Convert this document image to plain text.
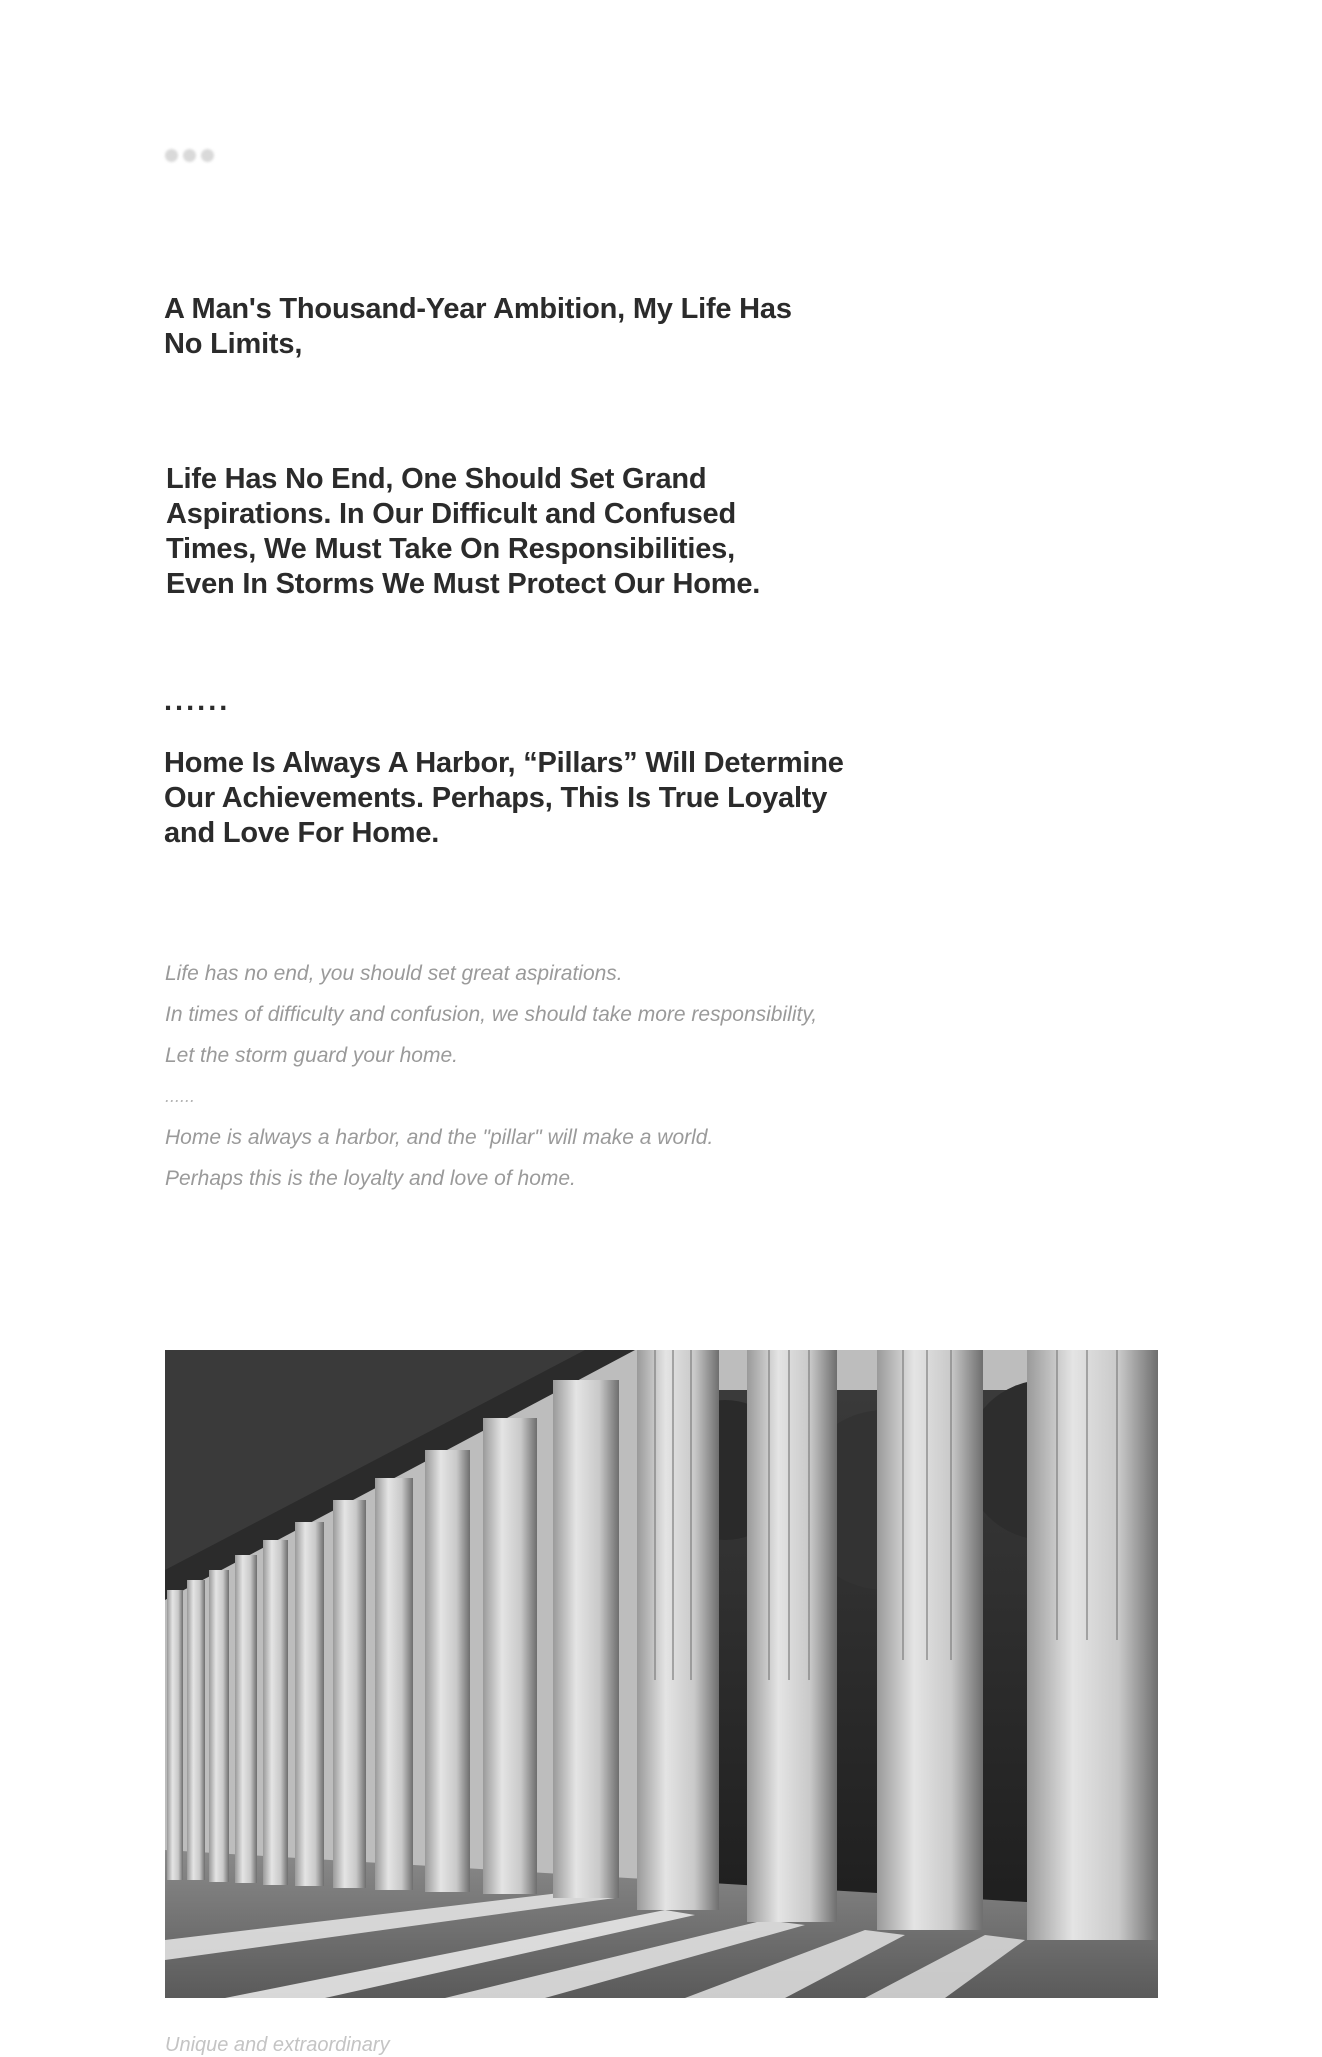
A Man's Thousand-Year Ambition, My Life Has No Limits,

Life Has No End, One Should Set Grand Aspirations. In Our Difficult and Confused Times, We Must Take On Responsibilities, Even In Storms We Must Protect Our Home.

......

Home Is Always A Harbor, “Pillars” Will Determine Our Achievements. Perhaps, This Is True Loyalty and Love For Home.

Life has no end, you should set great aspirations.
In times of difficulty and confusion, we should take more responsibility,
Let the storm guard your home.
......
Home is always a harbor, and the "pillar" will make a world.
Perhaps this is the loyalty and love of home.
Unique and extraordinary
